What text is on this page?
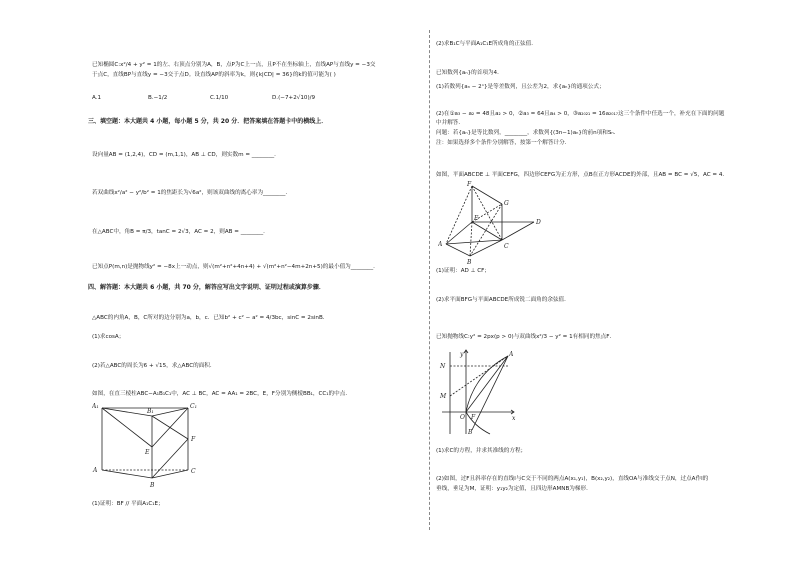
已知椭圆C:x²/4 + y² = 1的左、右顶点分别为A，B，点P为C上一点，且P不在坐标轴上，直线AP与直线y = −3交
于点C，直线BP与直线y = −3交于点D。设直线AP的斜率为k，则{k|CD| = 36}的k的值可能为( )
A.1	B.−1/2	C.1/10	D.(−7+2√10)/9
三、填空题：本大题共 4 小题，每小题 5 分，共 20 分．把答案填在答题卡中的横线上．
设向量AB = (1,2,4)，CD = (m,1,1)，AB ⊥ CD，则实数m = ________.
若双曲线x²/a² − y²/b² = 1的焦距长为√6a²，则该双曲线的离心率为________.
在△ABC中，角B = π/3，tanC = 2√3，AC = 2，则AB = ________.
已知点P(m,n)是抛物线y² = −8x上一动点，则√(m²+n²+4n+4) + √(m²+n²−4m+2n+5)的最小值为________.
四、解答题：本大题共 6 小题，共 70 分，解答应写出文字说明、证明过程或演算步骤．
△ABC的内角A，B，C所对的边分别为a，b，c．已知b² + c² − a² = 4/3bc，sinC = 2sinB．
(1)求cosA；
(2)若△ABC的周长为6 + √15，求△ABC的面积．
如图，在直三棱柱ABC−A₁B₁C₁中，AC ⊥ BC，AC = AA₁ = 2BC，E，F分别为侧棱BB₁，CC₁的中点．
A₁
B₁
C₁
E
F
A
B
C
(1)证明：BF // 平面A₁C₁E；
(2)求B₁C与平面A₁C₁E所成角的正弦值．
已知数列{aₙ}的首项为4．
(1)若数列{aₙ − 2ⁿ}是等差数列，且公差为2，求{aₙ}的通项公式；
(2)在①a₃ − a₂ = 48且a₂ > 0，②a₃ = 64且a₄ > 0，③a₂₀₂₁ = 16a₂₀₁₇这三个条件中任选一个，补充在下面的问题
中并解答．
问题：若{aₙ}是等比数列，________，求数列{(3n−1)aₙ}的前n项和Sₙ．
注：如果选择多个条件分别解答，按第一个解答计分．
如图，平面ABCDE ⊥ 平面CEFG，四边形CEFG为正方形，点B在正方形ACDE的外部，且AB = BC = √5，AC = 4．
F
G
E
D
A	C
B
(1)证明：AD ⊥ CF；
(2)求平面BFG与平面ABCDE所成锐二面角的余弦值．
已知抛物线C:y² = 2px(p > 0)与双曲线x²/3 − y² = 1有相同的焦点F．
y
x
N
A
M
O F
B
(1)求C的方程，并求其准线的方程；
(2)如图，过F且斜率存在的直线l与C交于不同的两点A(x₁,y₁)，B(x₂,y₂)，直线OA与准线交于点N，过点A作l的
垂线，垂足为M，证明：y₁y₂为定值，且四边形AMNB为梯形．
